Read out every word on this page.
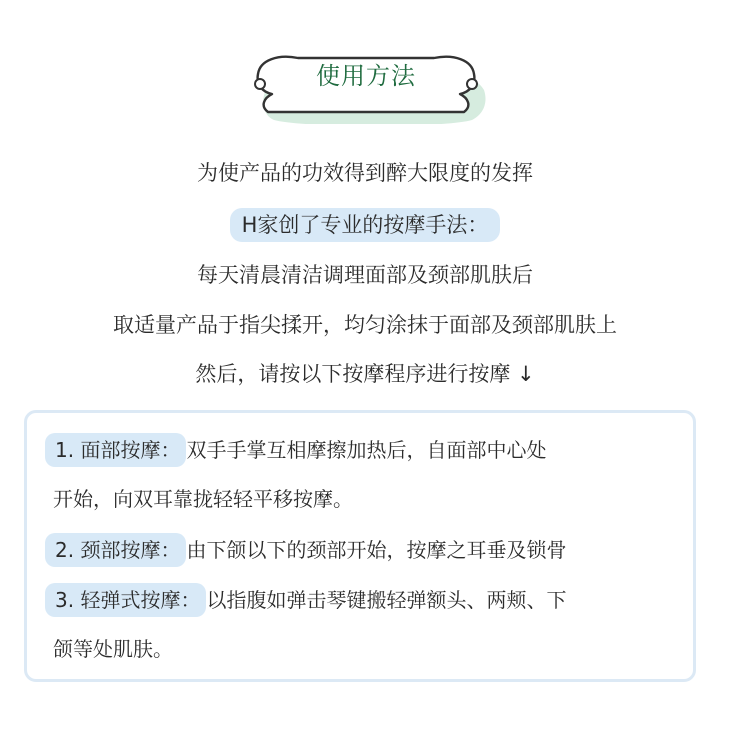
使用方法
为使产品的功效得到醉大限度的发挥
H家创了专业的按摩手法：
每天清晨清洁调理面部及颈部肌肤后
取适量产品于指尖揉开，均匀涂抹于面部及颈部肌肤上
然后，请按以下按摩程序进行按摩 ↓
1. 面部按摩： 双手手掌互相摩擦加热后，自面部中心处
开始，向双耳靠拢轻轻平移按摩。
2. 颈部按摩： 由下颌以下的颈部开始，按摩之耳垂及锁骨
3. 轻弹式按摩： 以指腹如弹击琴键搬轻弹额头、两颊、下
颌等处肌肤。
